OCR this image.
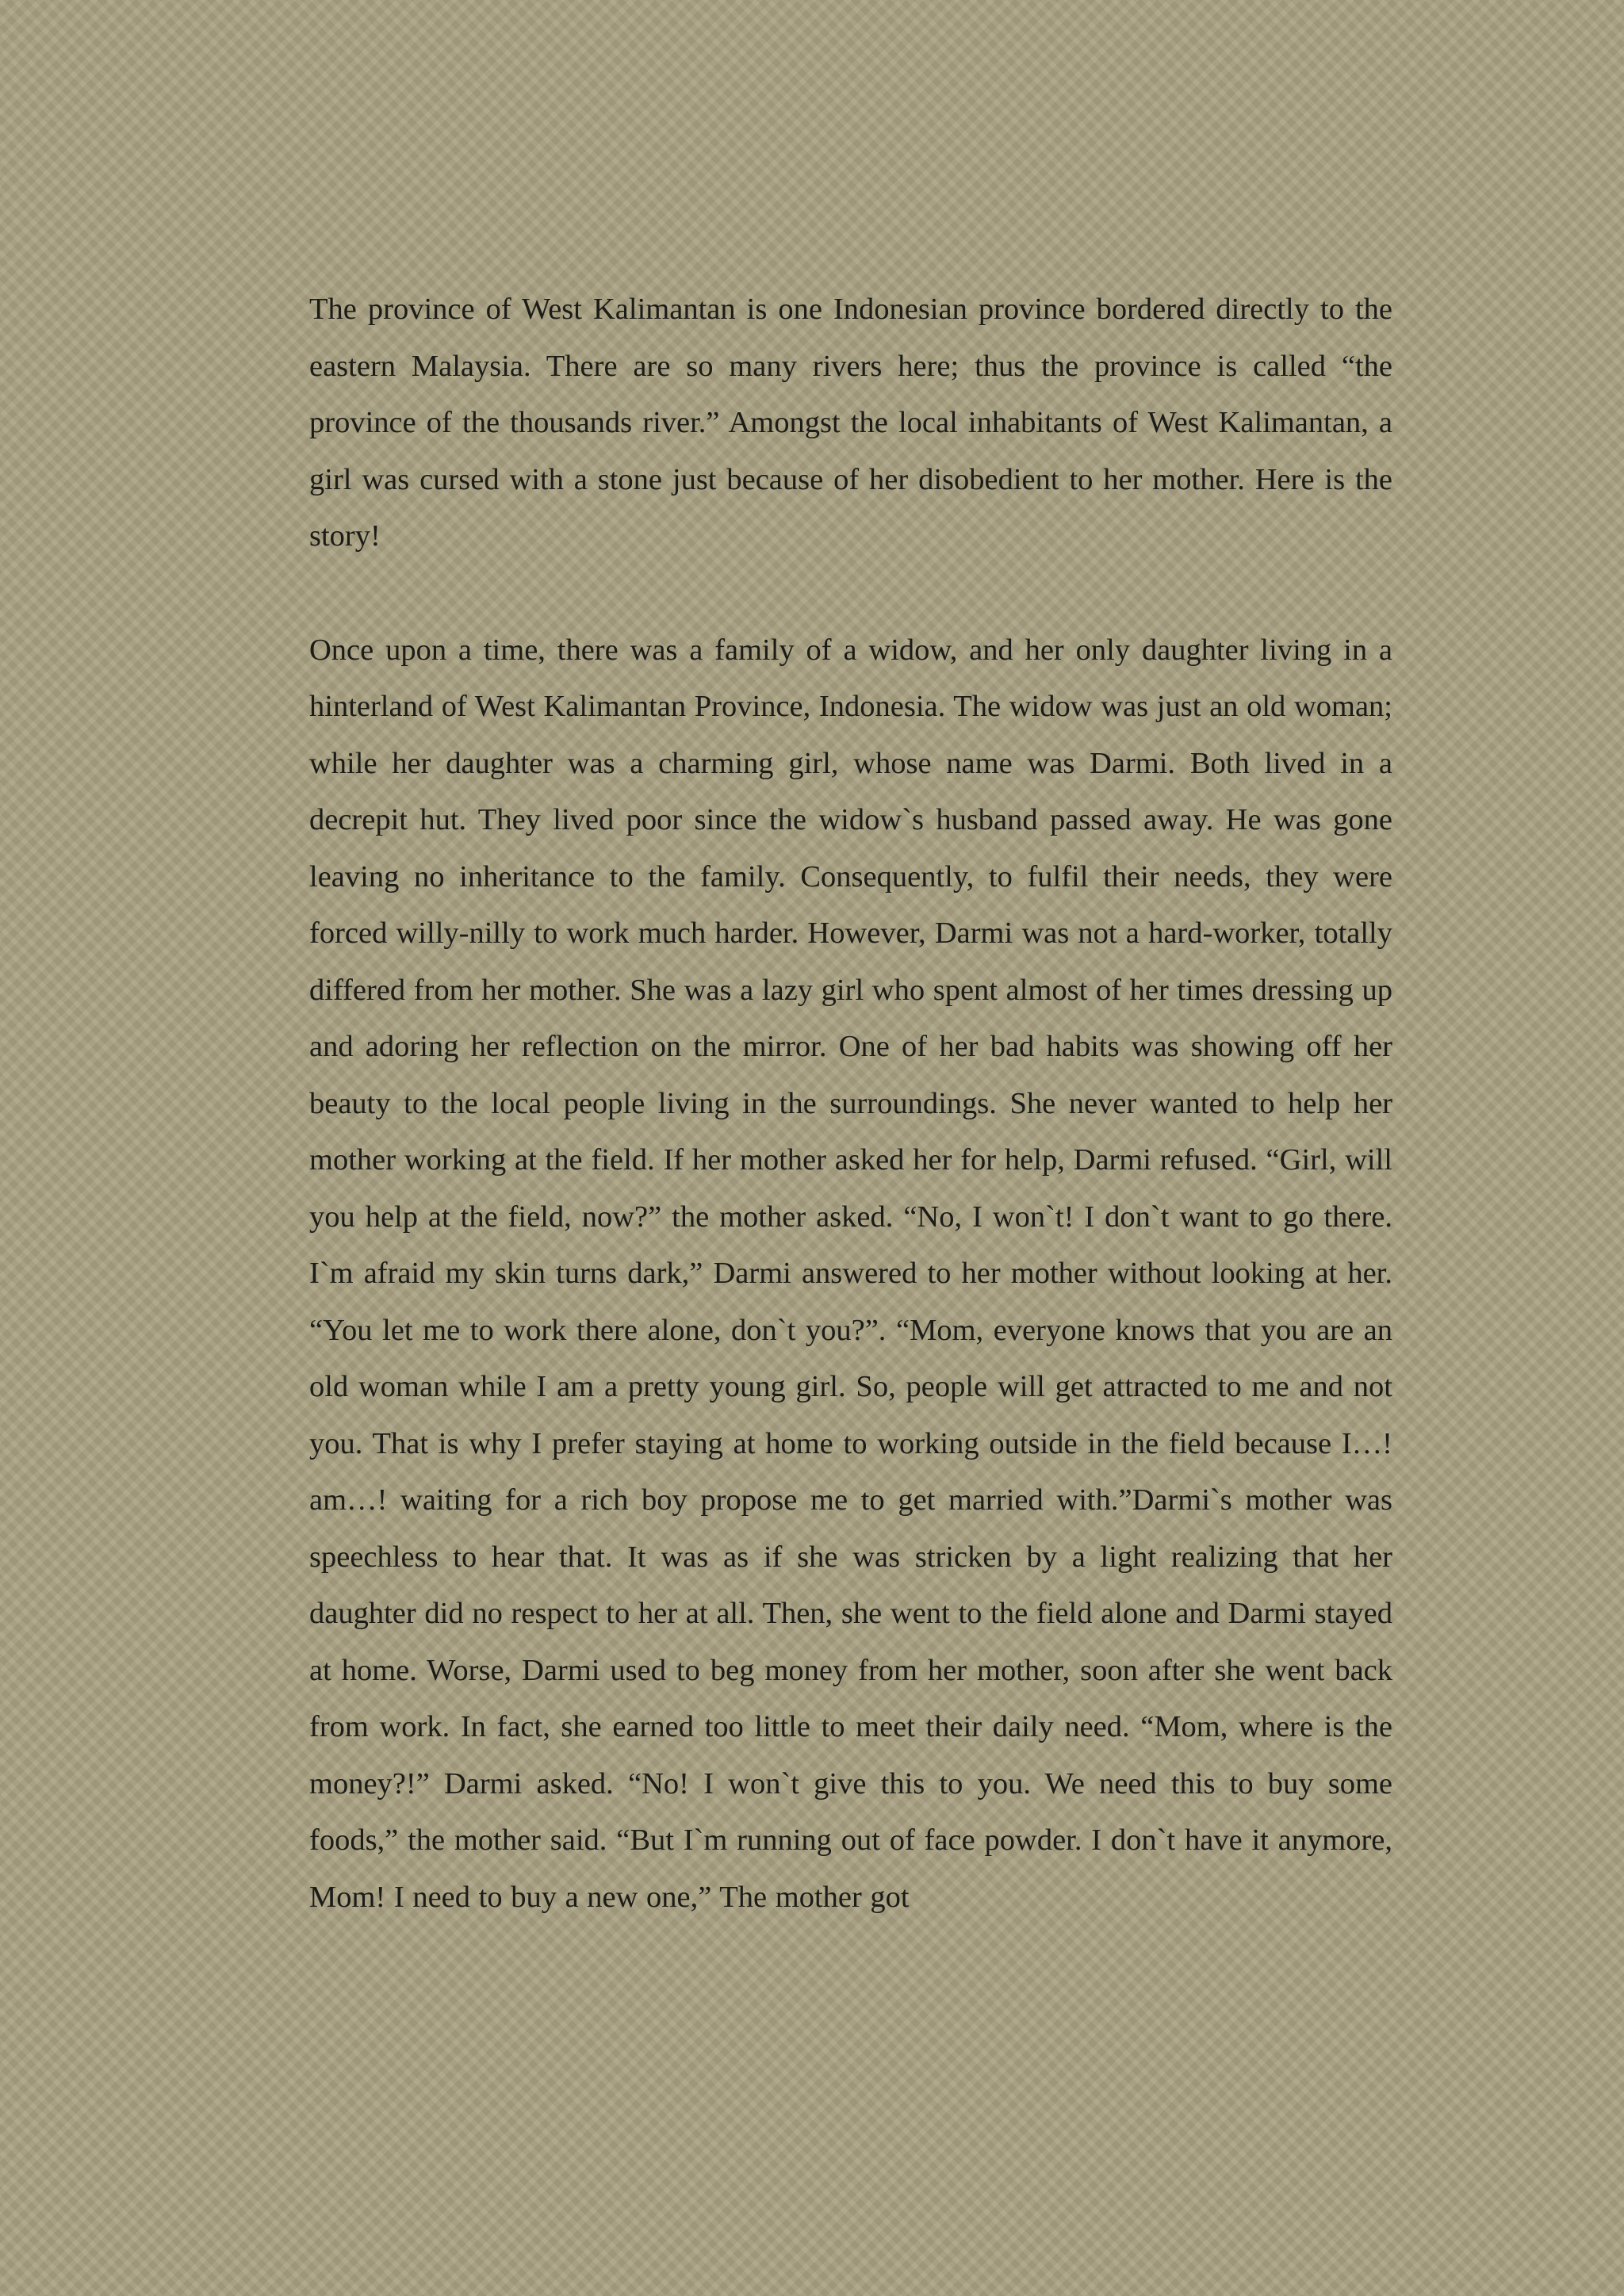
The province of West Kalimantan is one Indonesian province bordered directly to the eastern Malaysia. There are so many rivers here; thus the province is called “the province of the thousands river.” Amongst the local inhabitants of West Kalimantan, a girl was cursed with a stone just because of her disobedient to her mother. Here is the story!

Once upon a time, there was a family of a widow, and her only daughter living in a hinterland of West Kalimantan Province, Indonesia. The widow was just an old woman; while her daughter was a charming girl, whose name was Darmi. Both lived in a decrepit hut. They lived poor since the widow`s husband passed away. He was gone leaving no inheritance to the family. Consequently, to fulfil their needs, they were forced willy-nilly to work much harder. However, Darmi was not a hard-worker, totally differed from her mother. She was a lazy girl who spent almost of her times dressing up and adoring her reflection on the mirror. One of her bad habits was showing off her beauty to the local people living in the surroundings. She never wanted to help her mother working at the field. If her mother asked her for help, Darmi refused. “Girl, will you help at the field, now?” the mother asked. “No, I won`t! I don`t want to go there. I`m afraid my skin turns dark,” Darmi answered to her mother without looking at her. “You let me to work there alone, don`t you?”. “Mom, everyone knows that you are an old woman while I am a pretty young girl. So, people will get attracted to me and not you. That is why I prefer staying at home to working outside in the field because I…! am…! waiting for a rich boy propose me to get married with.”Darmi`s mother was speechless to hear that. It was as if she was stricken by a light realizing that her daughter did no respect to her at all. Then, she went to the field alone and Darmi stayed at home. Worse, Darmi used to beg money from her mother, soon after she went back from work. In fact, she earned too little to meet their daily need. “Mom, where is the money?!” Darmi asked. “No! I won`t give this to you. We need this to buy some foods,” the mother said. “But I`m running out of face powder. I don`t have it anymore, Mom! I need to buy a new one,” The mother got
